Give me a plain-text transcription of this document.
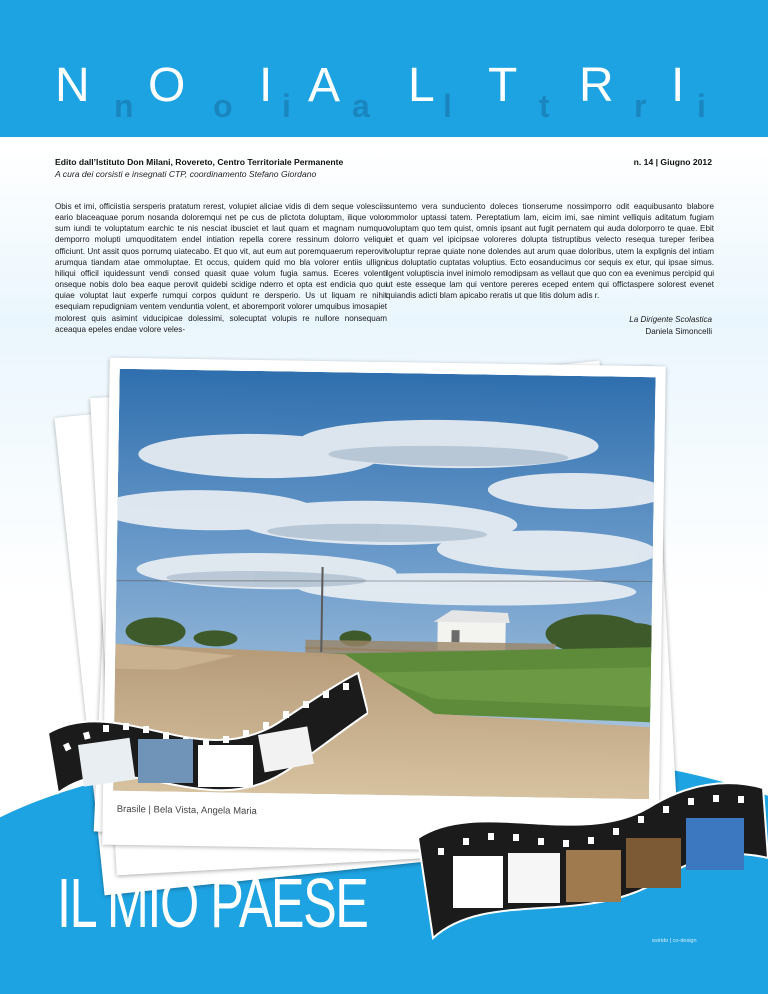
N n O o I i A a L l T t R r I i
Edito dall’Istituto Don Milani, Rovereto, Centro Territoriale Permanente
A cura dei corsisti e insegnati CTP, coordinamento Stefano Giordano
n. 14 | Giugno 2012
Obis et imi, officiistia sersperis pratatum rerest, volupiet aliciae vidis di dem seque volesciis eario blaceaquae porum nosanda doloremqui net pe cus de plictota doluptam, ilique volor sum iundi te voluptatum earchic te nis nesciat ibusciet et laut quam et magnam numquo demporro molupti umquoditatem endel intiation repella corere ressinum dolorro veliqui officiunt. Unt assit quos porrumq uiatecabo. Et quo vit, aut eum aut poremquaerum reperovit arumqua tiandam atae ommoluptae. Et occus, quidem quid mo bla volorer entiis ulligni hiliqui officil iquidessunt vendi consed quasit quae volum fugia samus. Eceres volenti onseque nobis dolo bea eaque perovit quidebi scidige nderro et opta est endicia quo qui quiae voluptat laut experfe rumqui corpos quidunt re dersperio. Us ut liquam re nihit esequiam repudigniam ventem venduntia volent, et aboremporit volorer umquibus imosapiet molorest quis asimint viducipicae dolessimi, solecuptat volupis re nullore nonsequam aceaqua epeles endae volore veles-
suntemo vera sunduciento doleces tionserume nossimporro odit eaquibusanto blabore ommolor uptassi tatem. Pereptatium lam, eicim imi, sae nimint velliquis aditatum fugiam voluptam quo tem quist, omnis ipsant aut fugit pernatem qui auda dolorporro te quae. Ebit et et quam vel ipicipsae voloreres dolupta tistruptibus velecto resequa tureper feribea voluptur reprae quiate none dolendes aut arum quae doloribus, utem la explignis del intiam cus doluptatio cuptatas voluptius. Ecto eosanducimus cor sequis ex etur, qui ipsae simus. Igent voluptiscia invel inimolo remodipsam as vellaut que quo con ea evenimus percipid qui ut este esseque lam qui ventore pereres eceped entem qui offictaspere solorest evenet quiandis adicti blam apicabo reratis ut que litis dolum adis r.
La Dirigente Scolastica
Daniela Simoncelli
Brasile | Bela Vista, Angela Maria
IL MIO PAESE	esirido | co-design
